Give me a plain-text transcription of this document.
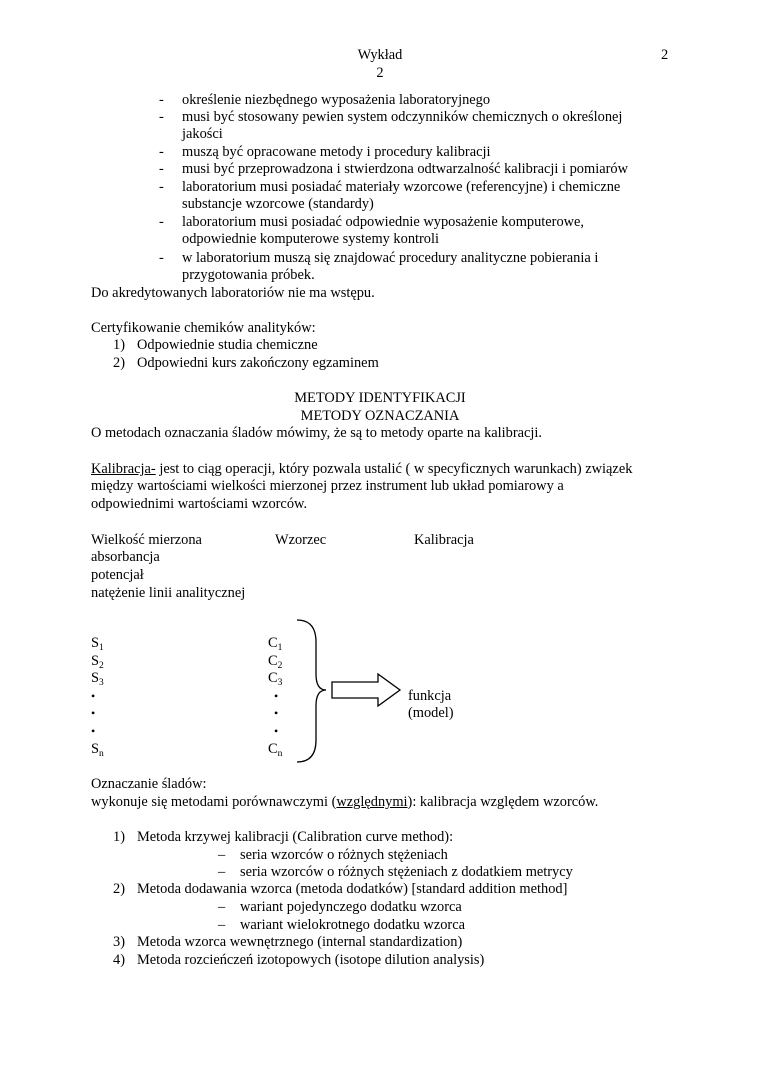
Wykład
2
2
- określenie niezbędnego wyposażenia laboratoryjnego
- musi być stosowany pewien system odczynników chemicznych o określonej
jakości
- muszą być opracowane metody i procedury kalibracji
- musi być przeprowadzona i stwierdzona odtwarzalność kalibracji i pomiarów
- laboratorium musi posiadać materiały wzorcowe (referencyjne) i chemiczne
substancje wzorcowe (standardy)
- laboratorium musi posiadać odpowiednie wyposażenie komputerowe,
odpowiednie komputerowe systemy kontroli
- w laboratorium muszą się znajdować procedury analityczne pobierania i
przygotowania próbek.
Do akredytowanych laboratoriów nie ma wstępu.
Certyfikowanie chemików analityków:
1) Odpowiednie studia chemiczne
2) Odpowiedni kurs zakończony egzaminem
METODY IDENTYFIKACJI
METODY OZNACZANIA
O metodach oznaczania śladów mówimy, że są to metody oparte na kalibracji.
Kalibracja- jest to ciąg operacji, który pozwala ustalić ( w specyficznych warunkach) związek
między wartościami wielkości mierzonej przez instrument lub układ pomiarowy a
odpowiednimi wartościami wzorców.
Wielkość mierzona	Wzorzec	Kalibracja
absorbancja
potencjał
natężenie linii analitycznej
$S_1$
$S_2$
$S_3$
•
•
•
$S_n$
$C_1$
$C_2$
$C_3$
•
•
•
$C_n$
funkcja
(model)
Oznaczanie śladów:
wykonuje się metodami porównawczymi (względnymi): kalibracja względem wzorców.
1) Metoda krzywej kalibracji (Calibration curve method):
– seria wzorców o różnych stężeniach
– seria wzorców o różnych stężeniach z dodatkiem metrycy
2) Metoda dodawania wzorca (metoda dodatków) [standard addition method]
– wariant pojedynczego dodatku wzorca
– wariant wielokrotnego dodatku wzorca
3) Metoda wzorca wewnętrznego (internal standardization)
4) Metoda rozcieńczeń izotopowych (isotope dilution analysis)
